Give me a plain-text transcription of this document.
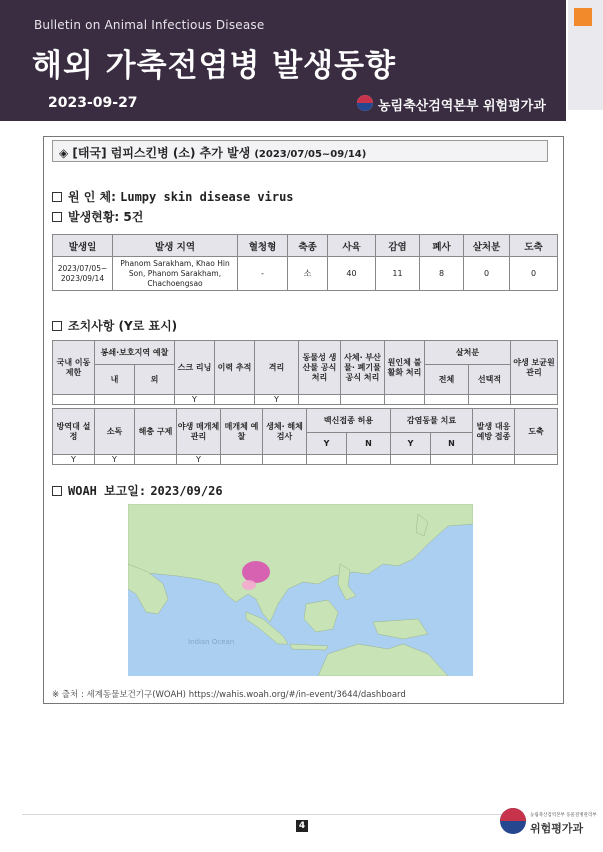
Bulletin on Animal Infectious Disease
해외 가축전염병 발생동향
2023-09-27	농림축산검역본부 위험평가과
◈ [태국] 럼피스킨병 (소) 추가 발생 (2023/07/05~09/14)
원 인 체: Lumpy skin disease virus
발생현황: 5건
발생일	발생 지역	혈청형	축종	사육	감염	폐사	살처분	도축
2023/07/05~ 2023/09/14	Phanom Sarakham, Khao Hin Son, Phanom Sarakham, Chachoengsao	-	소	40	11	8	0	0
조치사항 (Y로 표시)
국내 이동 제한	봉쇄·보호지역 예찰		스크 리닝	이력 추적	격리	동물성 생산물 공식 처리	사체· 부산물· 폐기물 공식 처리	원인체 불활화 처리	살처분		야생 보균원 관리
	내	외							전체	선택적	
			Y		Y						
방역대 설정	소독	해충 구제	야생 매개체 관리	매개체 예찰	생체· 해체 검사	백신접종 허용		감염동물 치료		발생 대응 예방 접종	도축
						Y	N	Y	N		
Y	Y		Y								
WOAH 보고일: 2023/09/26
Indian Ocean
※ 출처 : 세계동물보건기구(WOAH) https://wahis.woah.org/#/in-event/3644/dashboard
4
농림축산검역본부 동물질병관리부
위험평가과
